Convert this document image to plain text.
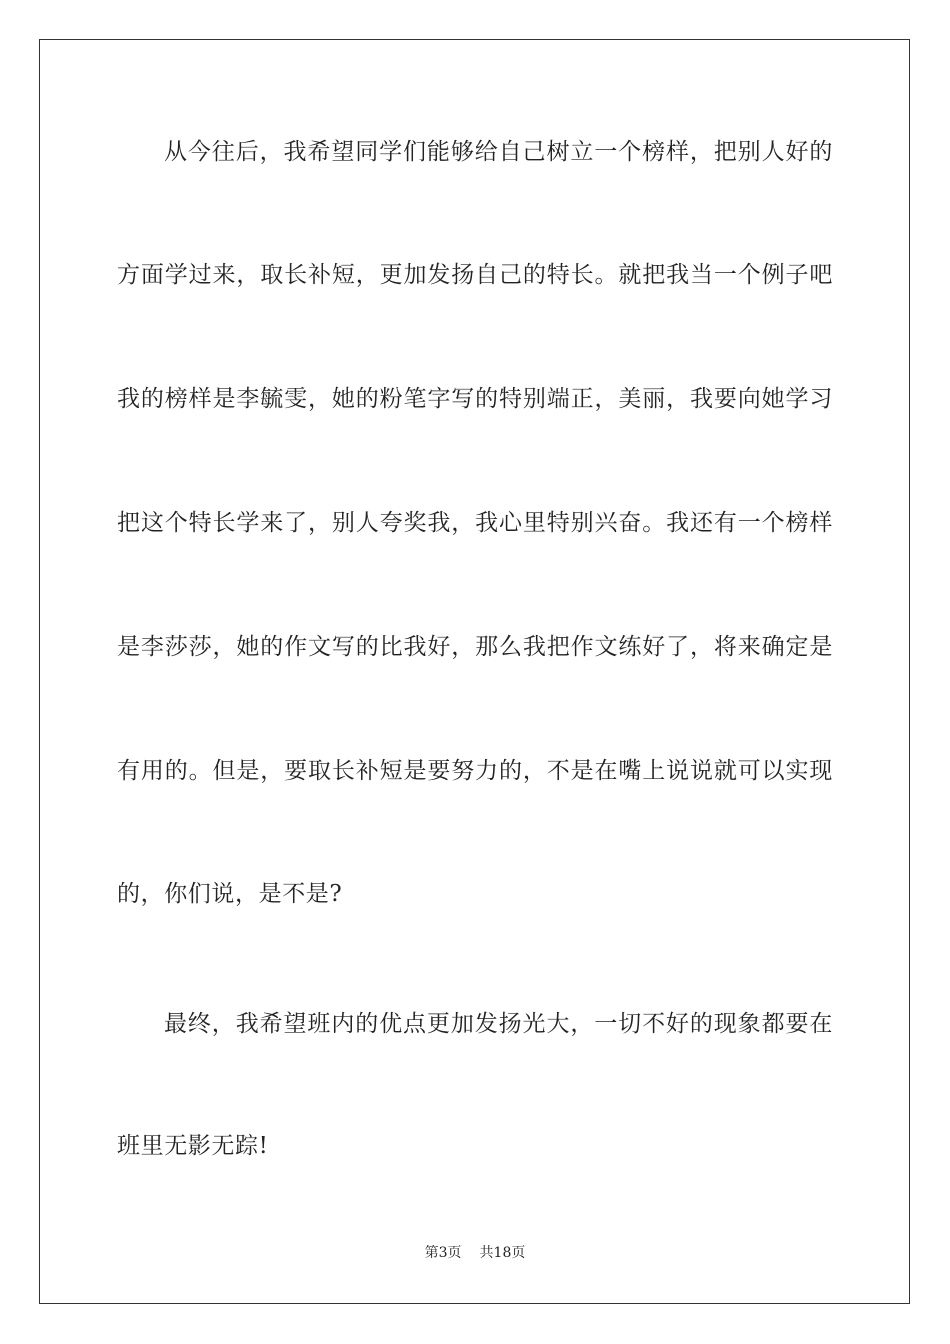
从今往后，我希望同学们能够给自己树立一个榜样，把别人好的
方面学过来，取长补短，更加发扬自己的特长。就把我当一个例子吧
我的榜样是李毓雯，她的粉笔字写的特别端正，美丽，我要向她学习
把这个特长学来了，别人夸奖我，我心里特别兴奋。我还有一个榜样
是李莎莎，她的作文写的比我好，那么我把作文练好了，将来确定是
有用的。但是，要取长补短是要努力的，不是在嘴上说说就可以实现
的，你们说，是不是?
最终，我希望班内的优点更加发扬光大，一切不好的现象都要在
班里无影无踪!
第3页 共18页
